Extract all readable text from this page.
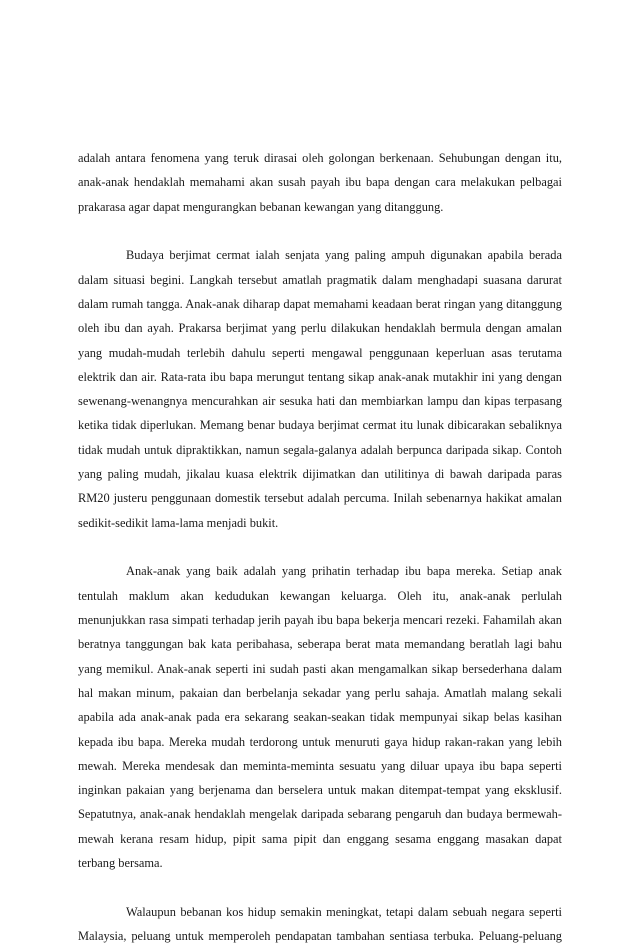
adalah antara fenomena yang teruk dirasai oleh golongan berkenaan. Sehubungan dengan itu,
anak-anak hendaklah memahami akan susah payah ibu bapa dengan cara melakukan pelbagai
prakarasa agar dapat mengurangkan bebanan kewangan yang ditanggung.
Budaya berjimat cermat ialah senjata yang paling ampuh digunakan apabila berada
dalam situasi begini. Langkah tersebut amatlah pragmatik dalam menghadapi suasana darurat
dalam rumah tangga. Anak-anak diharap dapat memahami keadaan berat ringan yang ditanggung
oleh ibu dan ayah. Prakarsa berjimat yang perlu dilakukan hendaklah bermula dengan amalan
yang mudah-mudah terlebih dahulu seperti mengawal penggunaan keperluan asas terutama
elektrik dan air. Rata-rata ibu bapa merungut tentang sikap anak-anak mutakhir ini yang dengan
sewenang-wenangnya mencurahkan air sesuka hati dan membiarkan lampu dan kipas terpasang
ketika tidak diperlukan. Memang benar budaya berjimat cermat itu lunak dibicarakan sebaliknya
tidak mudah untuk dipraktikkan, namun segala-galanya adalah berpunca daripada sikap. Contoh
yang paling mudah, jikalau kuasa elektrik dijimatkan dan utilitinya di bawah daripada paras
RM20 justeru penggunaan domestik tersebut adalah percuma. Inilah sebenarnya hakikat amalan
sedikit-sedikit lama-lama menjadi bukit.
Anak-anak yang baik adalah yang prihatin terhadap ibu bapa mereka. Setiap anak
tentulah maklum akan kedudukan kewangan keluarga. Oleh itu, anak-anak perlulah
menunjukkan rasa simpati terhadap jerih payah ibu bapa bekerja mencari rezeki. Fahamilah akan
beratnya tanggungan bak kata peribahasa, seberapa berat mata memandang beratlah lagi bahu
yang memikul. Anak-anak seperti ini sudah pasti akan mengamalkan sikap bersederhana dalam
hal makan minum, pakaian dan berbelanja sekadar yang perlu sahaja. Amatlah malang sekali
apabila ada anak-anak pada era sekarang seakan-seakan tidak mempunyai sikap belas kasihan
kepada ibu bapa. Mereka mudah terdorong untuk menuruti gaya hidup rakan-rakan yang lebih
mewah. Mereka mendesak dan meminta-meminta sesuatu yang diluar upaya ibu bapa seperti
inginkan pakaian yang berjenama dan berselera untuk makan ditempat-tempat yang eksklusif.
Sepatutnya, anak-anak hendaklah mengelak daripada sebarang pengaruh dan budaya bermewah-
mewah kerana resam hidup, pipit sama pipit dan enggang sesama enggang masakan dapat
terbang bersama.
Walaupun bebanan kos hidup semakin meningkat, tetapi dalam sebuah negara seperti
Malaysia, peluang untuk memperoleh pendapatan tambahan sentiasa terbuka. Peluang-peluang
